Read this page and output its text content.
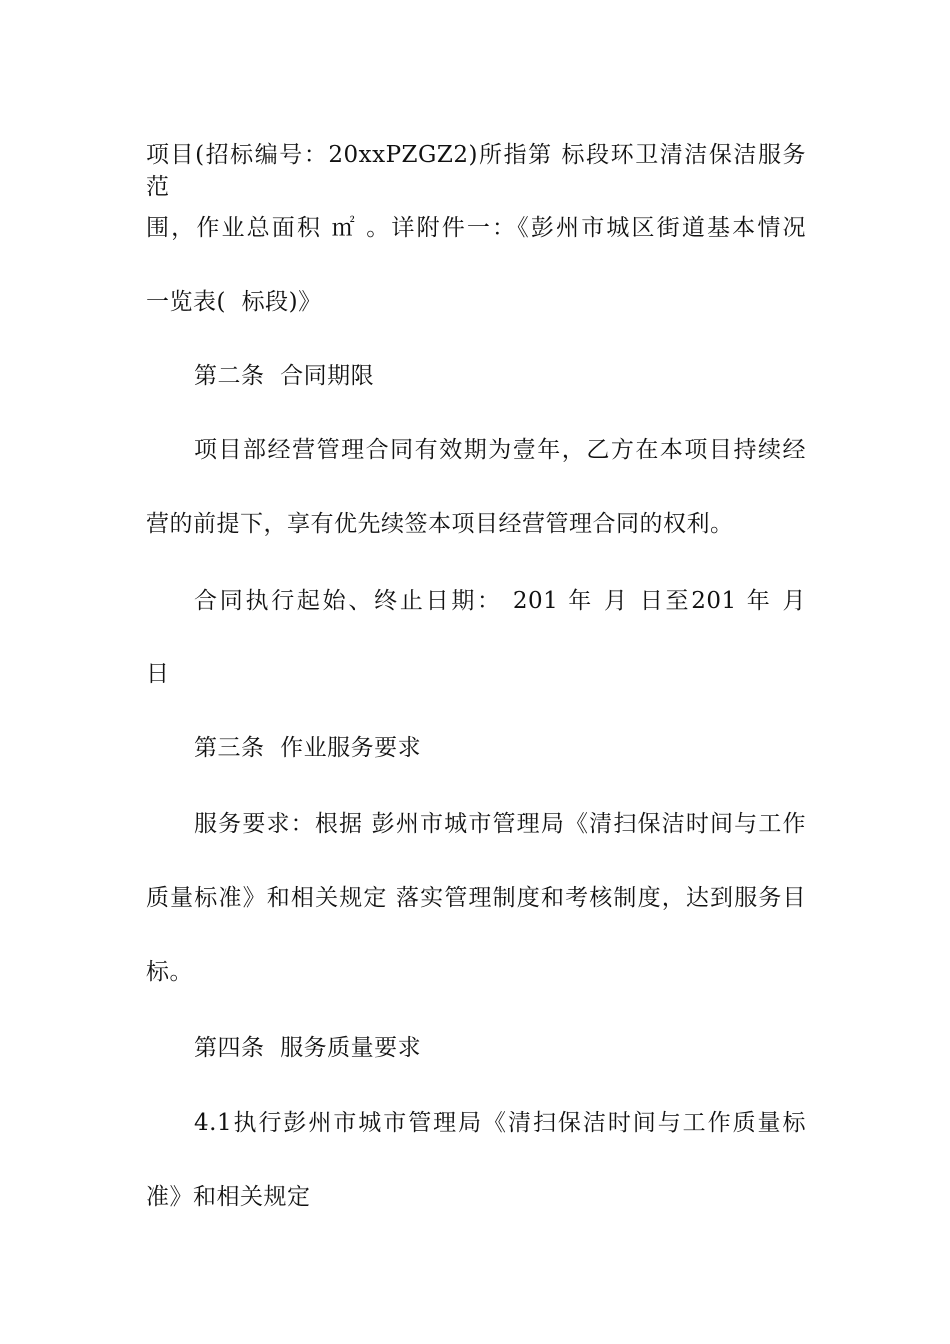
项目(招标编号：20xxPZGZ2)所指第 标段环卫清洁保洁服务范
围，作业总面积 ㎡ 。详附件一：《彭州市城区街道基本情况
一览表(  标段)》
第二条  合同期限
项目部经营管理合同有效期为壹年，乙方在本项目持续经
营的前提下，享有优先续签本项目经营管理合同的权利。
合同执行起始、终止日期： 201 年 月 日至201 年 月
日
第三条  作业服务要求
服务要求：根据 彭州市城市管理局《清扫保洁时间与工作
质量标准》和相关规定 落实管理制度和考核制度，达到服务目
标。
第四条  服务质量要求
4.1执行彭州市城市管理局《清扫保洁时间与工作质量标
准》和相关规定
